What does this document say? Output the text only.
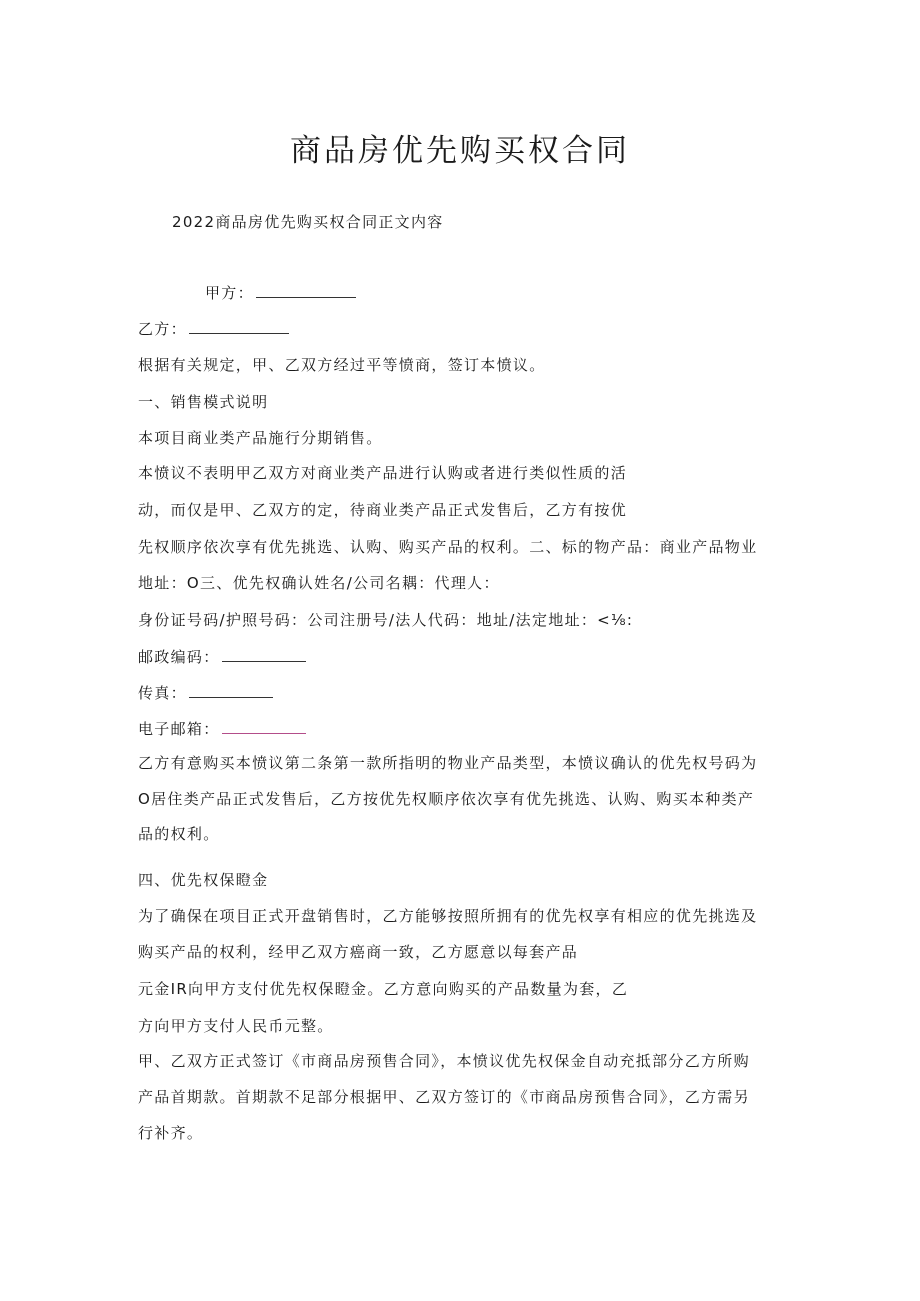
商品房优先购买权合同

2022商品房优先购买权合同正文内容

甲方：

乙方：

根据有关规定，甲、乙双方经过平等愤商，签订本愤议。

一、销售模式说明

本项目商业类产品施行分期销售。

本愤议不表明甲乙双方对商业类产品进行认购或者进行类似性质的活

动，而仅是甲、乙双方的定，待商业类产品正式发售后，乙方有按优

先权顺序依次享有优先挑选、认购、购买产品的权利。二、标的物产品：商业产品物业

地址：O三、优先权确认姓名/公司名耦：代理人：

身份证号码/护照号码：公司注册号/法人代码：地址/法定地址：<⅛:

邮政编码：

传真：

电子邮箱：

乙方有意购买本愤议第二条第一款所指明的物业产品类型，本愤议确认的优先权号码为

O居住类产品正式发售后，乙方按优先权顺序依次享有优先挑选、认购、购买本种类产

品的权利。

四、优先权保瞪金

为了确保在项目正式开盘销售时，乙方能够按照所拥有的优先权享有相应的优先挑选及

购买产品的权利，经甲乙双方癌商一致，乙方愿意以每套产品

元金IR向甲方支付优先权保瞪金。乙方意向购买的产品数量为套，乙

方向甲方支付人民币元整。

甲、乙双方正式签订《市商品房预售合同》，本愤议优先权保金自动充抵部分乙方所购

产品首期款。首期款不足部分根据甲、乙双方签订的《市商品房预售合同》，乙方需另

行补齐。
